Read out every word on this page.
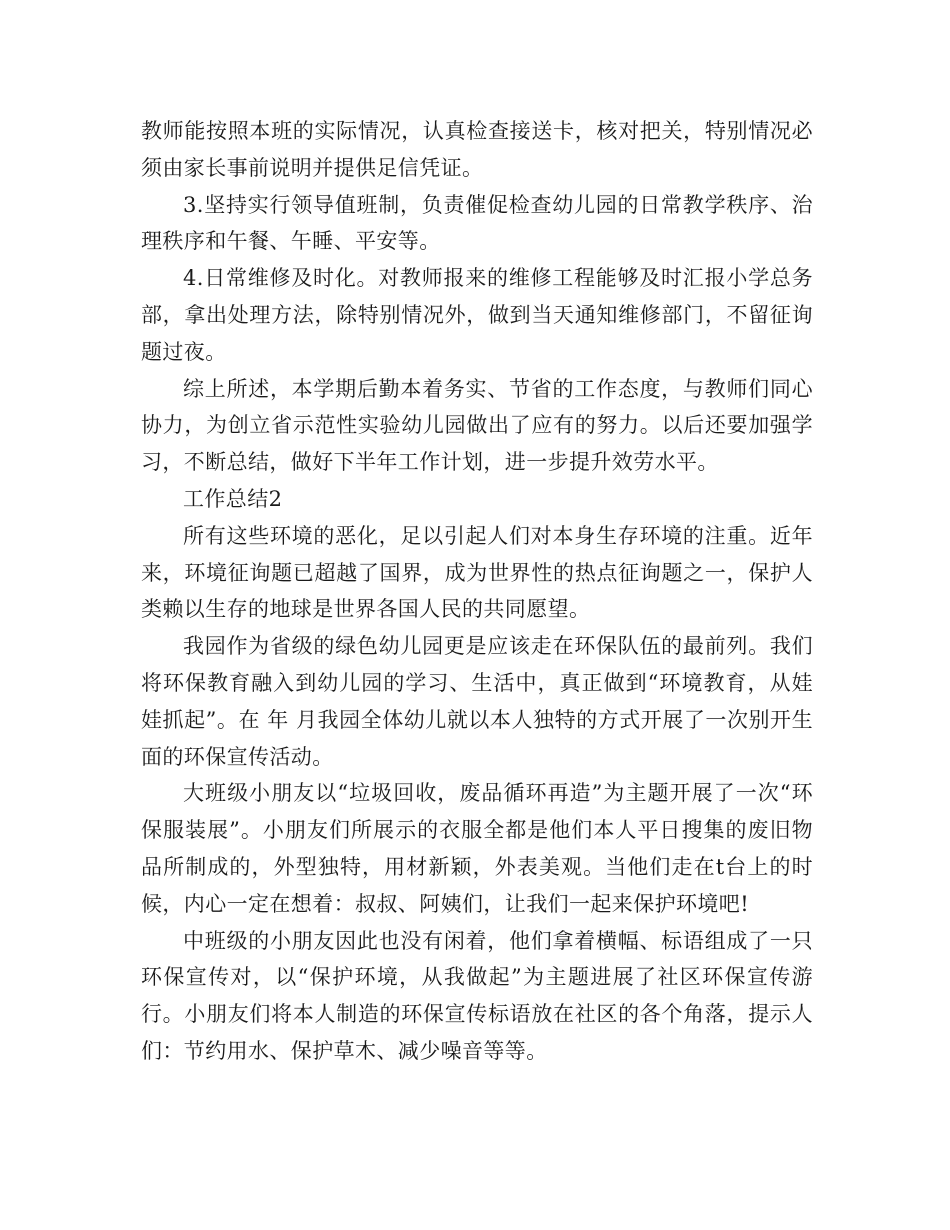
教师能按照本班的实际情况，认真检查接送卡，核对把关，特别情况必须由家长事前说明并提供足信凭证。

3.坚持实行领导值班制，负责催促检查幼儿园的日常教学秩序、治理秩序和午餐、午睡、平安等。

4.日常维修及时化。对教师报来的维修工程能够及时汇报小学总务部，拿出处理方法，除特别情况外，做到当天通知维修部门，不留征询题过夜。

综上所述，本学期后勤本着务实、节省的工作态度，与教师们同心协力，为创立省示范性实验幼儿园做出了应有的努力。以后还要加强学习，不断总结，做好下半年工作计划，进一步提升效劳水平。

工作总结2

所有这些环境的恶化，足以引起人们对本身生存环境的注重。近年来，环境征询题已超越了国界，成为世界性的热点征询题之一，保护人类赖以生存的地球是世界各国人民的共同愿望。

我园作为省级的绿色幼儿园更是应该走在环保队伍的最前列。我们将环保教育融入到幼儿园的学习、生活中，真正做到“环境教育，从娃娃抓起”。在 年 月我园全体幼儿就以本人独特的方式开展了一次别开生面的环保宣传活动。

大班级小朋友以“垃圾回收，废品循环再造”为主题开展了一次“环保服装展”。小朋友们所展示的衣服全都是他们本人平日搜集的废旧物品所制成的，外型独特，用材新颖，外表美观。当他们走在t台上的时候，内心一定在想着：叔叔、阿姨们，让我们一起来保护环境吧!

中班级的小朋友因此也没有闲着，他们拿着横幅、标语组成了一只环保宣传对，以“保护环境，从我做起”为主题进展了社区环保宣传游行。小朋友们将本人制造的环保宣传标语放在社区的各个角落，提示人们：节约用水、保护草木、减少噪音等等。
